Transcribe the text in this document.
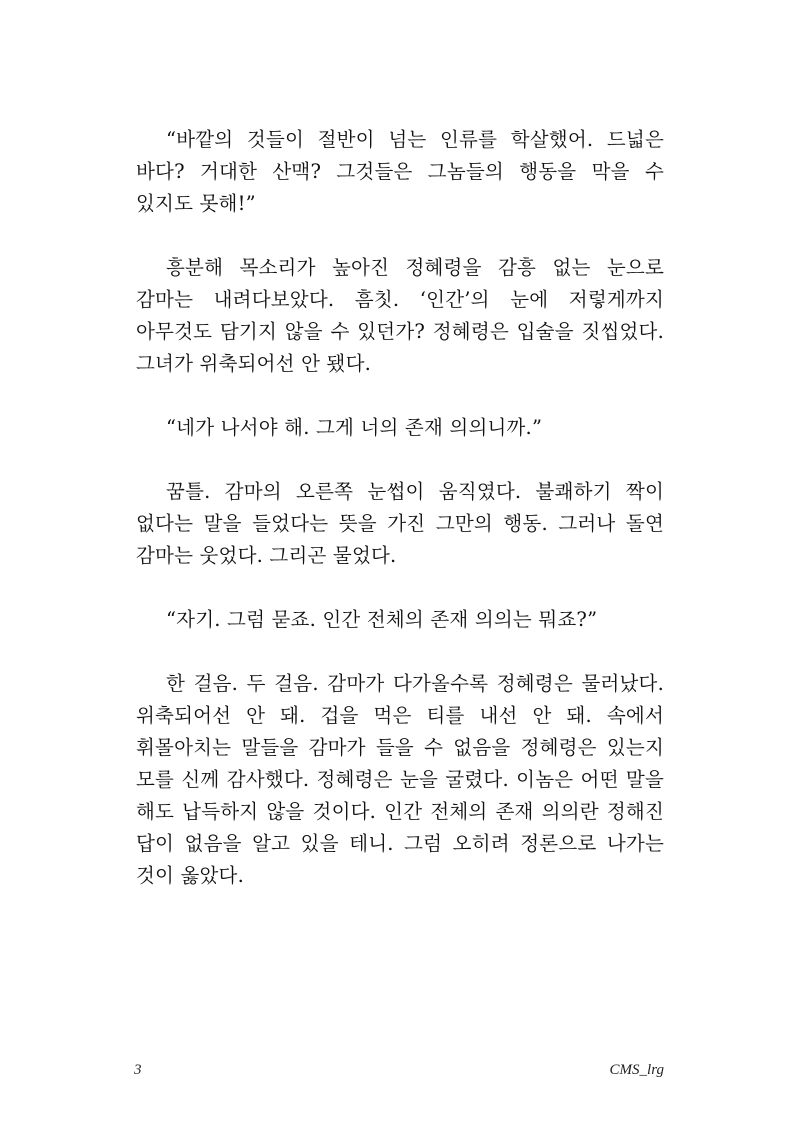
“바깥의 것들이 절반이 넘는 인류를 학살했어. 드넓은 바다? 거대한 산맥? 그것들은 그놈들의 행동을 막을 수 있지도 못해!”

흥분해 목소리가 높아진 정혜령을 감흥 없는 눈으로 감마는 내려다보았다. 흠칫. ‘인간’의 눈에 저렇게까지 아무것도 담기지 않을 수 있던가? 정혜령은 입술을 짓씹었다. 그녀가 위축되어선 안 됐다.

“네가 나서야 해. 그게 너의 존재 의의니까.”

꿈틀. 감마의 오른쪽 눈썹이 움직였다. 불쾌하기 짝이 없다는 말을 들었다는 뜻을 가진 그만의 행동. 그러나 돌연 감마는 웃었다. 그리곤 물었다.

“자기. 그럼 묻죠. 인간 전체의 존재 의의는 뭐죠?”

한 걸음. 두 걸음. 감마가 다가올수록 정혜령은 물러났다. 위축되어선 안 돼. 겁을 먹은 티를 내선 안 돼. 속에서 휘몰아치는 말들을 감마가 들을 수 없음을 정혜령은 있는지 모를 신께 감사했다. 정혜령은 눈을 굴렸다. 이놈은 어떤 말을 해도 납득하지 않을 것이다. 인간 전체의 존재 의의란 정해진 답이 없음을 알고 있을 테니. 그럼 오히려 정론으로 나가는 것이 옳았다.

3	CMS_lrg
